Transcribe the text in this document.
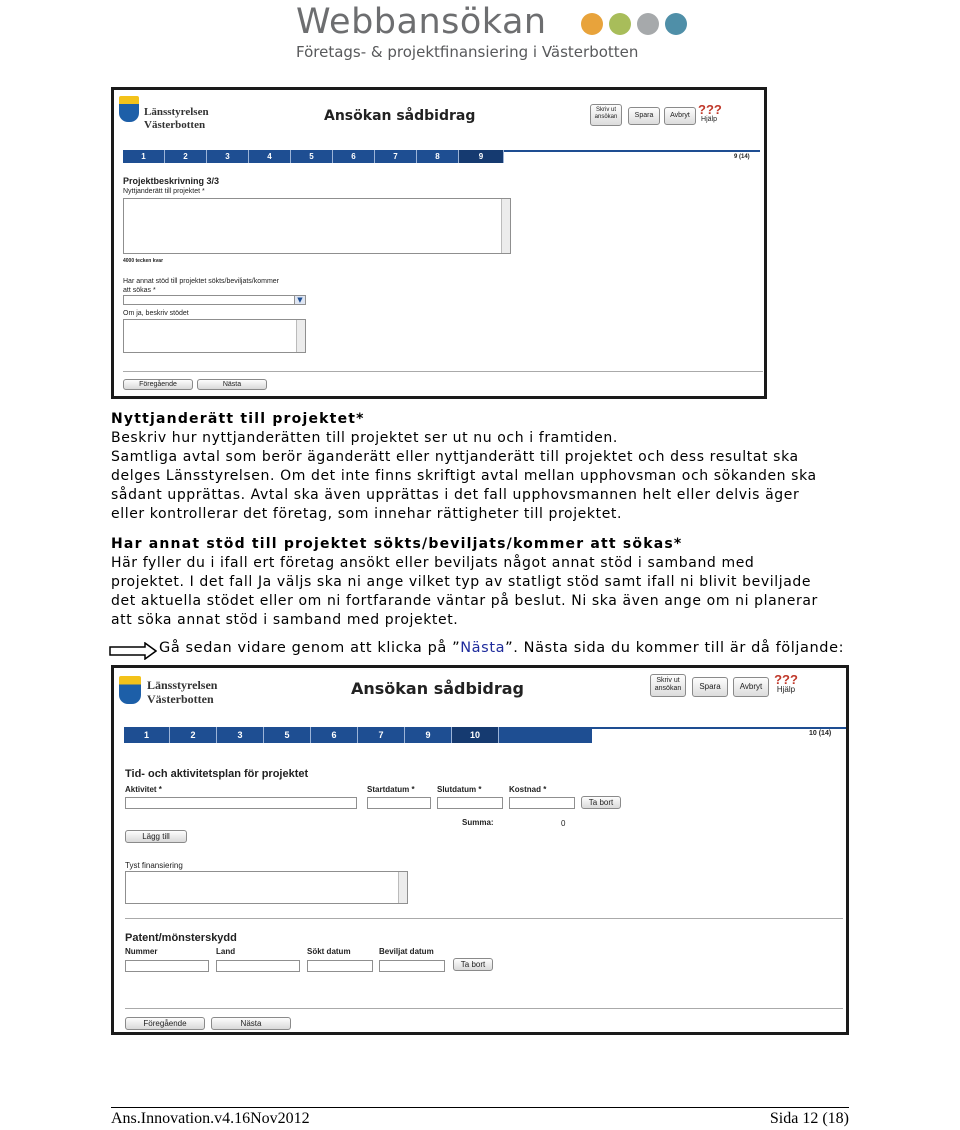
Webbansökan
Företags- & projektfinansiering i Västerbotten
Länsstyrelsen
Västerbotten
Ansökan sådbidrag	Skriv ut ansökan	Spara	Avbryt ???
Hjälp
1	2	3	4	5	6	7	8	9	9 (14)
Projektbeskrivning 3/3
Nyttjanderätt till projektet *
4000 tecken kvar
Har annat stöd till projektet sökts/beviljats/kommer
att sökas *
▼
Om ja, beskriv stödet
Föregående	Nästa
Nyttjanderätt till projektet*
Beskriv hur nyttjanderätten till projektet ser ut nu och i framtiden.
Samtliga avtal som berör äganderätt eller nyttjanderätt till projektet och dess resultat ska
delges Länsstyrelsen. Om det inte finns skriftigt avtal mellan upphovsman och sökanden ska
sådant upprättas. Avtal ska även upprättas i det fall upphovsmannen helt eller delvis äger
eller kontrollerar det företag, som innehar rättigheter till projektet.
Har annat stöd till projektet sökts/beviljats/kommer att sökas*
Här fyller du i ifall ert företag ansökt eller beviljats något annat stöd i samband med
projektet. I det fall Ja väljs ska ni ange vilket typ av statligt stöd samt ifall ni blivit beviljade
det aktuella stödet eller om ni fortfarande väntar på beslut. Ni ska även ange om ni planerar
att söka annat stöd i samband med projektet.
Gå sedan vidare genom att klicka på ”Nästa”. Nästa sida du kommer till är då följande:
Länsstyrelsen
Västerbotten
Ansökan sådbidrag	Skriv ut ansökan	Spara	Avbryt ???
Hjälp
1	2	3	5	6	7	9	10	10 (14)
Tid- och aktivitetsplan för projektet
Aktivitet *	Startdatum *	Slutdatum *	Kostnad *
Ta bort
Summa:	0
Lägg till
Tyst finansiering
Patent/mönsterskydd
Nummer	Land	Sökt datum	Beviljat datum
Ta bort
Föregående	Nästa
Ans.Innovation.v4.16Nov2012	Sida 12 (18)
